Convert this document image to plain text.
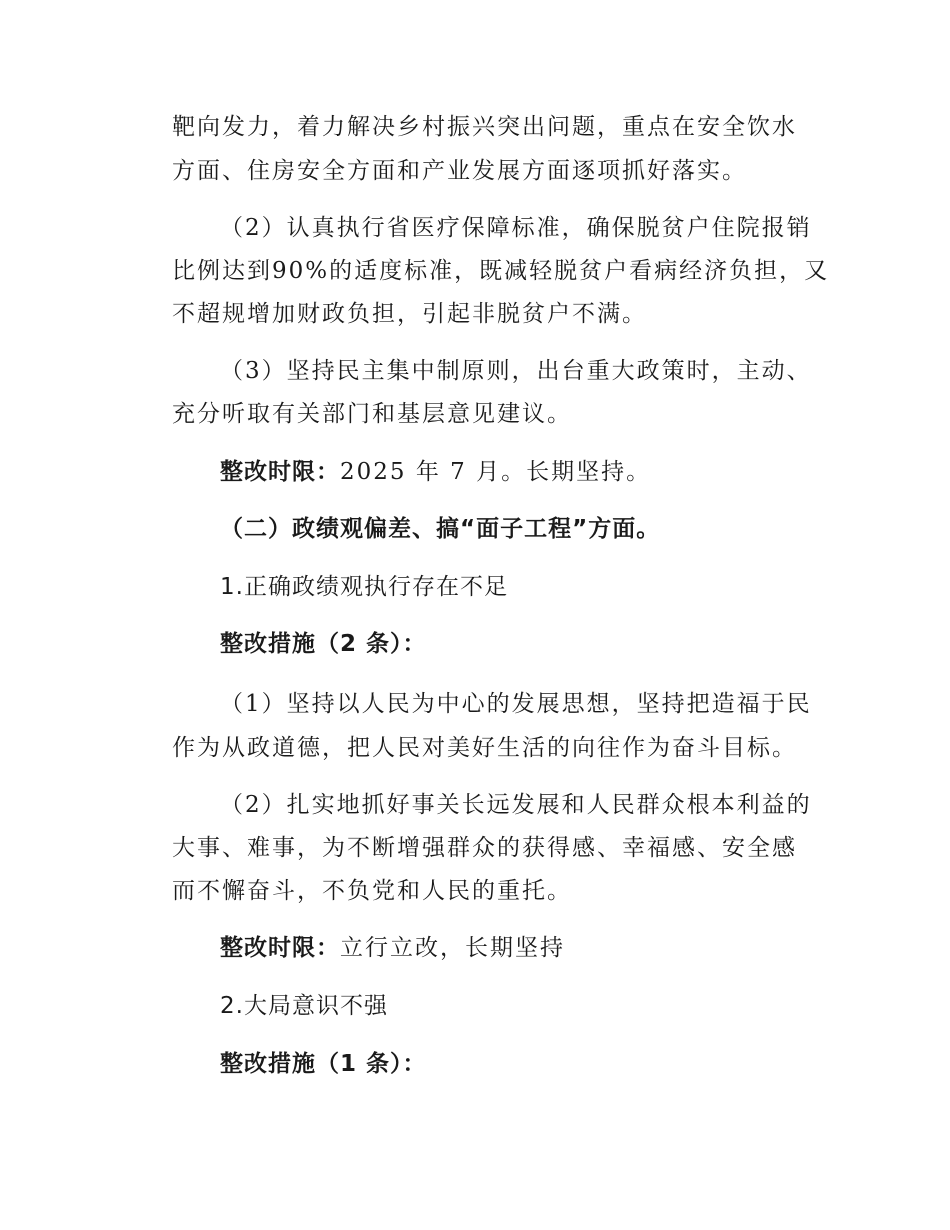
靶向发力，着力解决乡村振兴突出问题，重点在安全饮水
方面、住房安全方面和产业发展方面逐项抓好落实。
（2）认真执行省医疗保障标准，确保脱贫户住院报销
比例达到90%的适度标准，既减轻脱贫户看病经济负担，又
不超规增加财政负担，引起非脱贫户不满。
（3）坚持民主集中制原则，出台重大政策时，主动、
充分听取有关部门和基层意见建议。
整改时限：2025 年 7 月。长期坚持。
（二）政绩观偏差、搞“面子工程”方面。
1.正确政绩观执行存在不足
整改措施（2 条）：
（1）坚持以人民为中心的发展思想，坚持把造福于民
作为从政道德，把人民对美好生活的向往作为奋斗目标。
（2）扎实地抓好事关长远发展和人民群众根本利益的
大事、难事，为不断增强群众的获得感、幸福感、安全感
而不懈奋斗，不负党和人民的重托。
整改时限：立行立改，长期坚持
2.大局意识不强
整改措施（1 条）：
